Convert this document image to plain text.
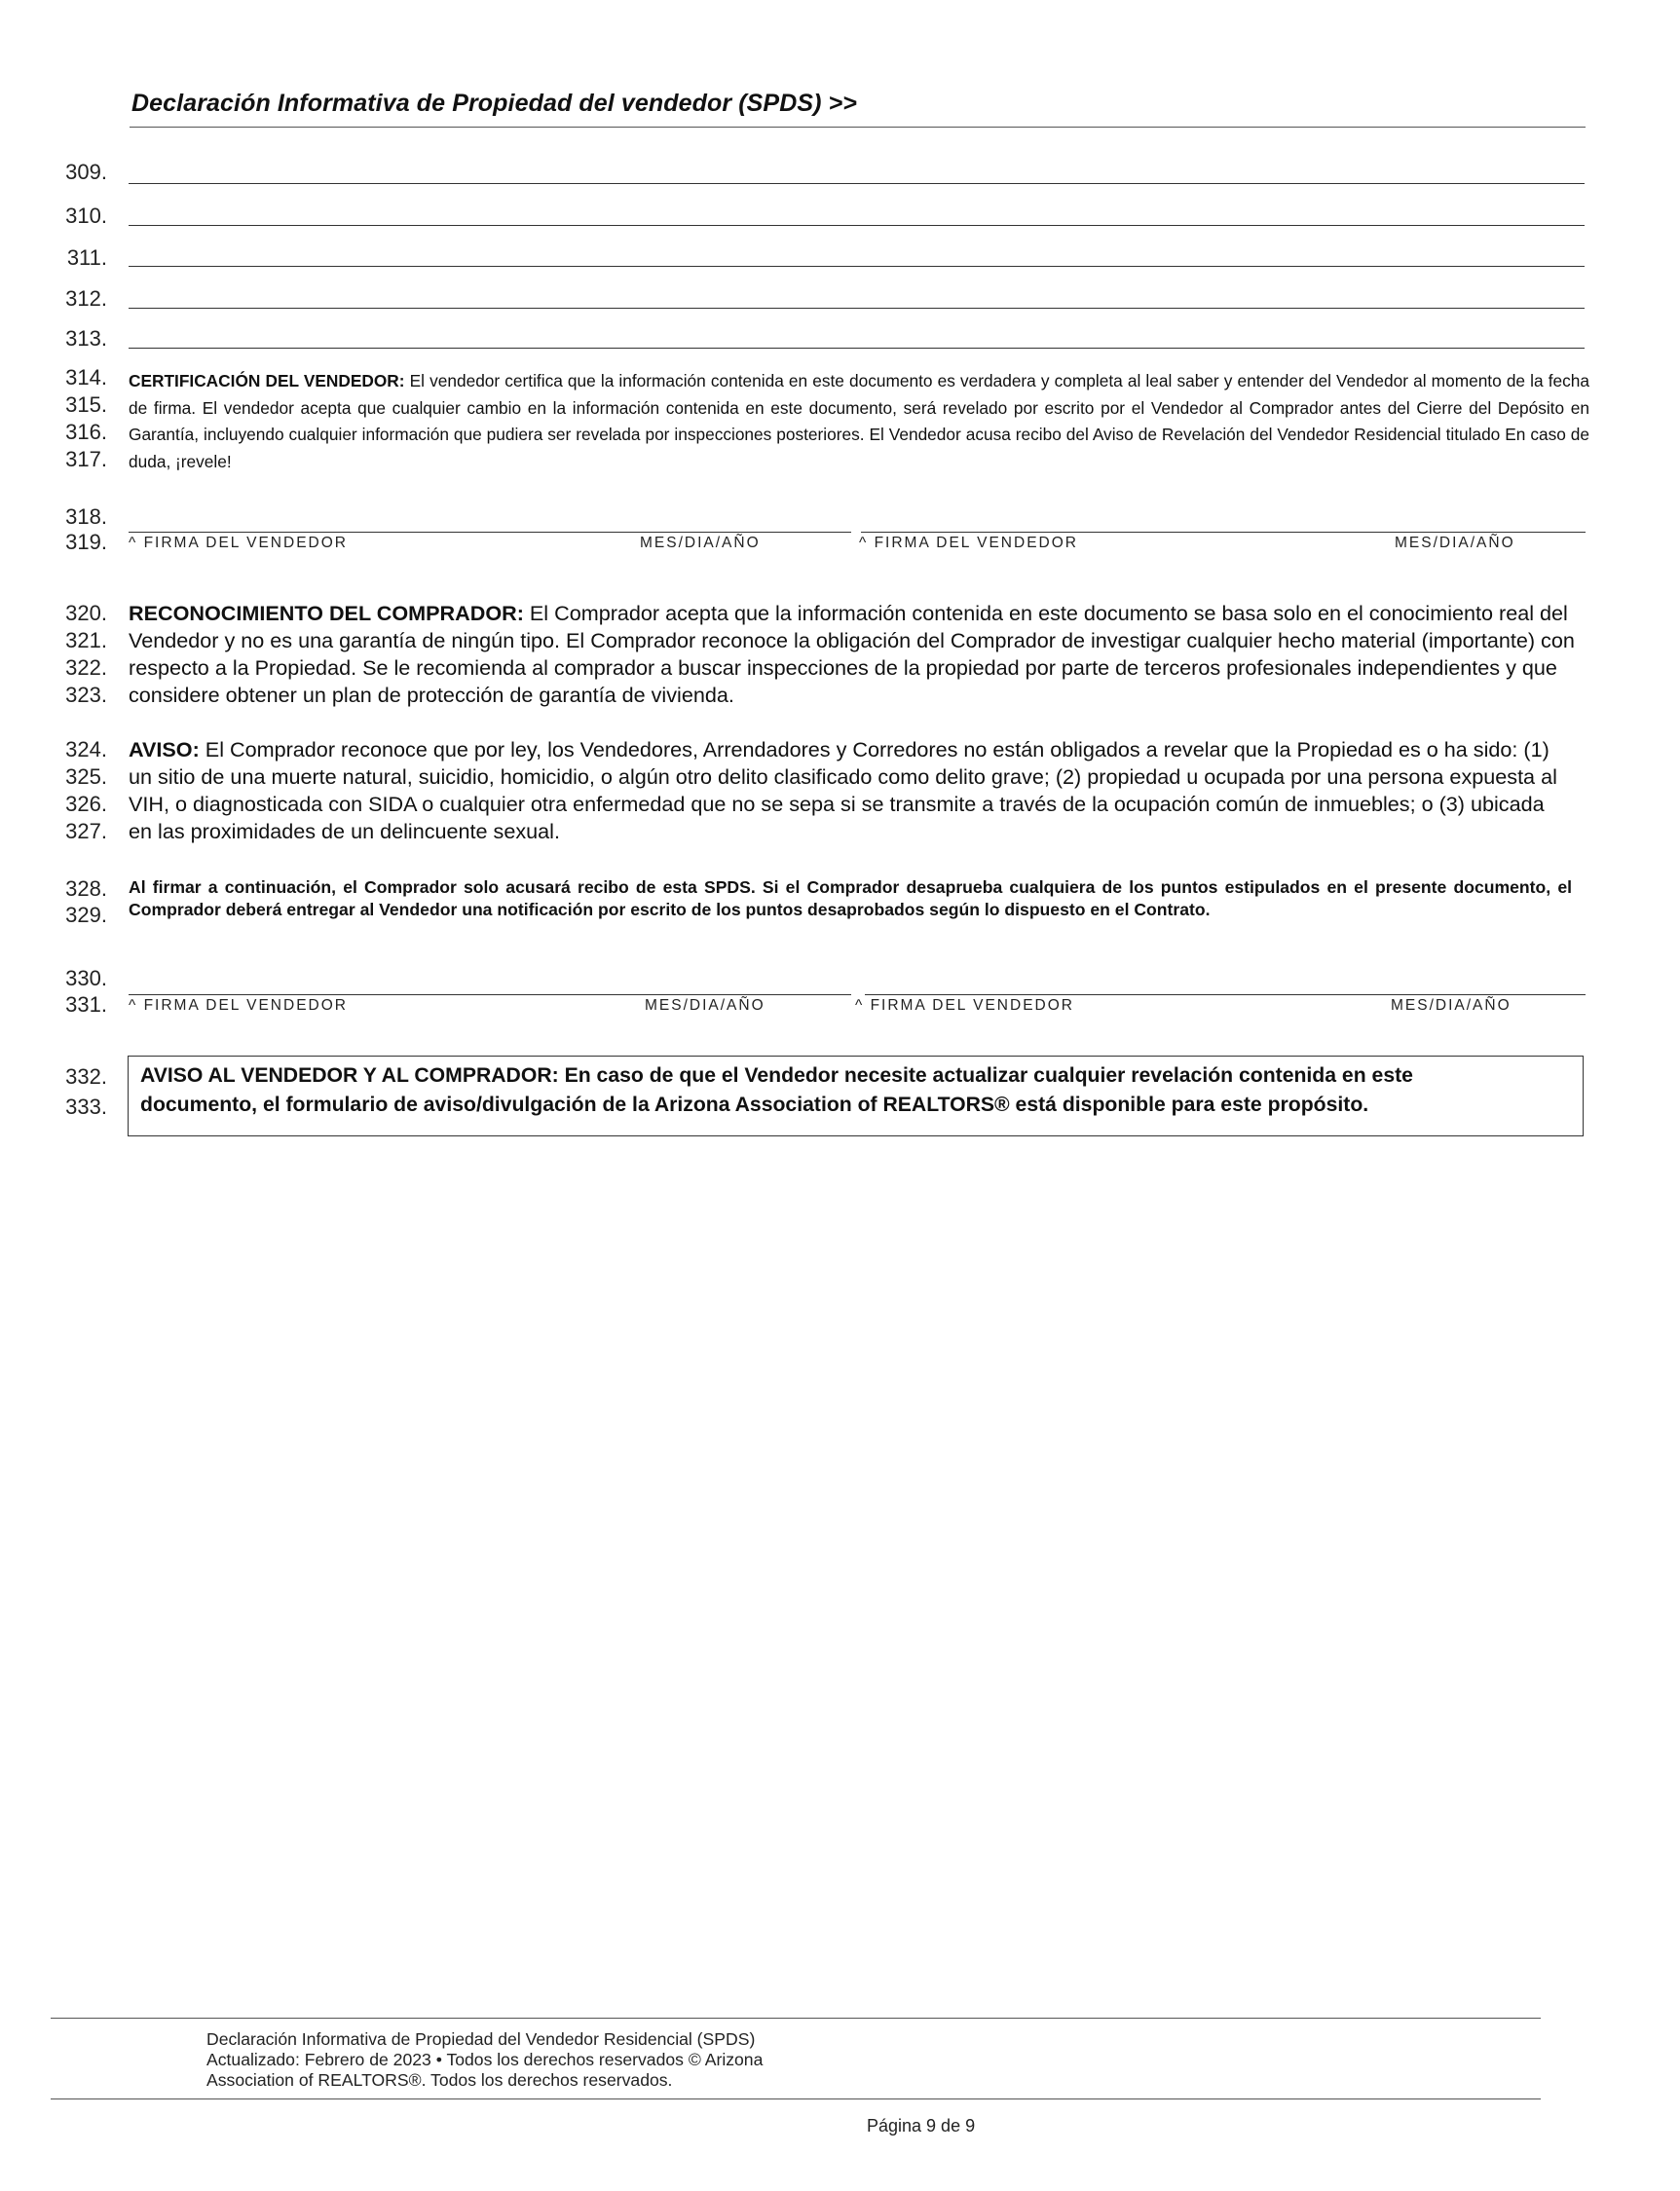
Declaración Informativa de Propiedad del vendedor (SPDS) >>
309.
310.
311.
312.
313.
314.
315.
316.
317.
CERTIFICACIÓN DEL VENDEDOR: El vendedor certifica que la información contenida en este documento es verdadera y completa al leal saber y entender del Vendedor al momento de la fecha de firma. El vendedor acepta que cualquier cambio en la información contenida en este documento, será revelado por escrito por el Vendedor al Comprador antes del Cierre del Depósito en Garantía, incluyendo cualquier información que pudiera ser revelada por inspecciones posteriores. El Vendedor acusa recibo del Aviso de Revelación del Vendedor Residencial titulado En caso de duda, ¡revele!
318.
319. ^ FIRMA DEL VENDEDOR	MES/DIA/AÑO	^ FIRMA DEL VENDEDOR	MES/DIA/AÑO
320.
321.
322.
323.
RECONOCIMIENTO DEL COMPRADOR: El Comprador acepta que la información contenida en este documento se basa solo en el conocimiento real del Vendedor y no es una garantía de ningún tipo. El Comprador reconoce la obligación del Comprador de investigar cualquier hecho material (importante) con respecto a la Propiedad. Se le recomienda al comprador a buscar inspecciones de la propiedad por parte de terceros profesionales independientes y que considere obtener un plan de protección de garantía de vivienda.
324.
325.
326.
327.
AVISO: El Comprador reconoce que por ley, los Vendedores, Arrendadores y Corredores no están obligados a revelar que la Propiedad es o ha sido: (1) un sitio de una muerte natural, suicidio, homicidio, o algún otro delito clasificado como delito grave; (2) propiedad u ocupada por una persona expuesta al VIH, o diagnosticada con SIDA o cualquier otra enfermedad que no se sepa si se transmite a través de la ocupación común de inmuebles; o (3) ubicada en las proximidades de un delincuente sexual.
328.
329.
Al firmar a continuación, el Comprador solo acusará recibo de esta SPDS. Si el Comprador desaprueba cualquiera de los puntos estipulados en el presente documento, el Comprador deberá entregar al Vendedor una notificación por escrito de los puntos desaprobados según lo dispuesto en el Contrato.
330.
331. ^ FIRMA DEL VENDEDOR	MES/DIA/AÑO	^ FIRMA DEL VENDEDOR	MES/DIA/AÑO
332.
333.
AVISO AL VENDEDOR Y AL COMPRADOR: En caso de que el Vendedor necesite actualizar cualquier revelación contenida en este
documento, el formulario de aviso/divulgación de la Arizona Association of REALTORS® está disponible para este propósito.
Declaración Informativa de Propiedad del Vendedor Residencial (SPDS)
Actualizado: Febrero de 2023 • Todos los derechos reservados © Arizona
Association of REALTORS®. Todos los derechos reservados.
Página 9 de 9
